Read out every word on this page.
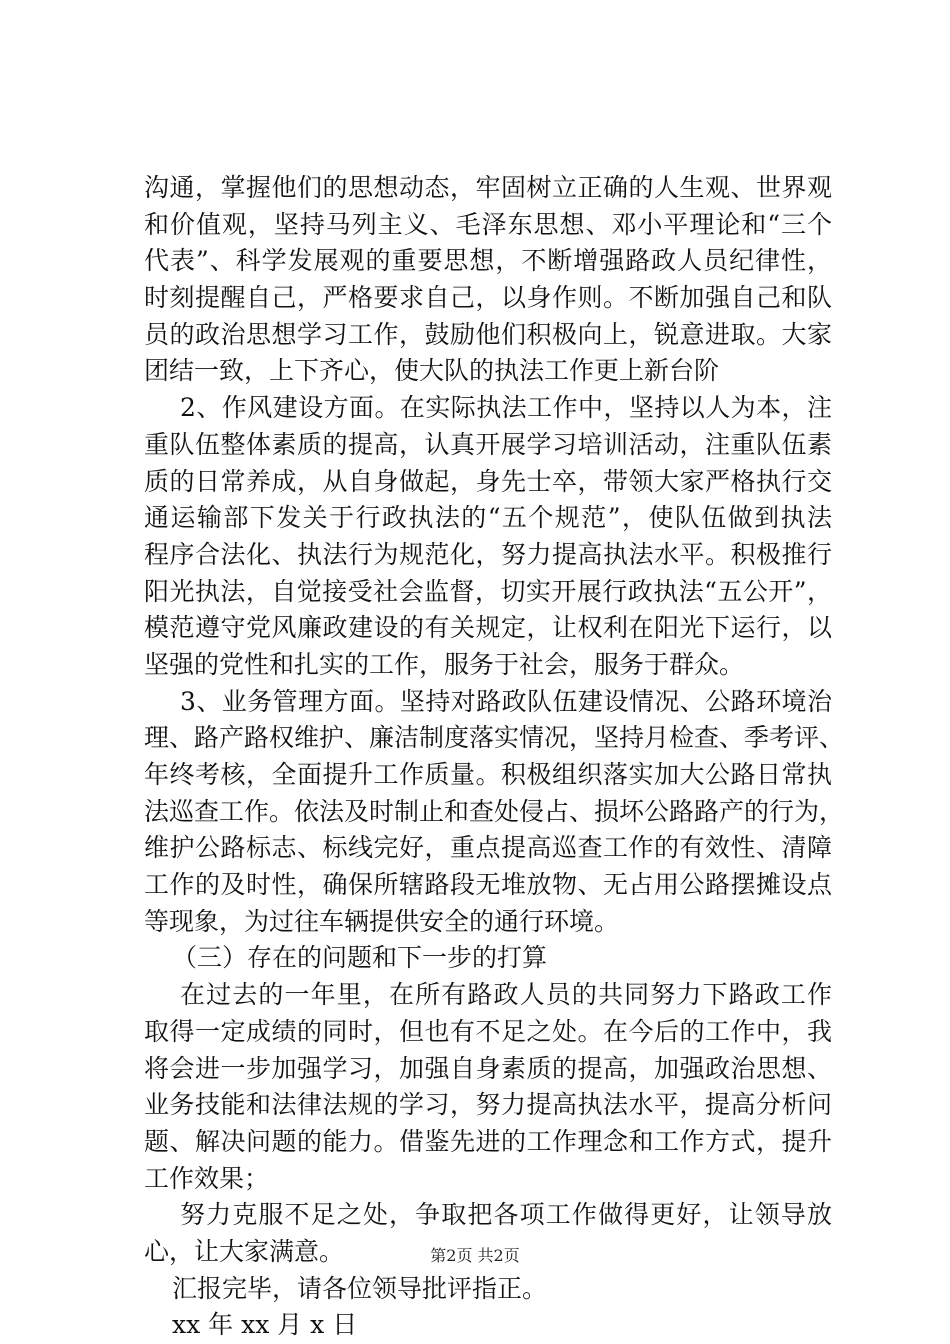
沟通，掌握他们的思想动态，牢固树立正确的人生观、世界观
和价值观，坚持马列主义、毛泽东思想、邓小平理论和“三个
代表”、科学发展观的重要思想，不断增强路政人员纪律性，
时刻提醒自己，严格要求自己，以身作则。不断加强自己和队
员的政治思想学习工作，鼓励他们积极向上，锐意进取。大家
团结一致，上下齐心，使大队的执法工作更上新台阶
2、作风建设方面。在实际执法工作中，坚持以人为本，注
重队伍整体素质的提高，认真开展学习培训活动，注重队伍素
质的日常养成，从自身做起，身先士卒，带领大家严格执行交
通运输部下发关于行政执法的“五个规范”，使队伍做到执法
程序合法化、执法行为规范化，努力提高执法水平。积极推行
阳光执法，自觉接受社会监督，切实开展行政执法“五公开”，
模范遵守党风廉政建设的有关规定，让权利在阳光下运行，以
坚强的党性和扎实的工作，服务于社会，服务于群众。
3、业务管理方面。坚持对路政队伍建设情况、公路环境治
理、路产路权维护、廉洁制度落实情况，坚持月检查、季考评、
年终考核，全面提升工作质量。积极组织落实加大公路日常执
法巡查工作。依法及时制止和查处侵占、损坏公路路产的行为，
维护公路标志、标线完好，重点提高巡查工作的有效性、清障
工作的及时性，确保所辖路段无堆放物、无占用公路摆摊设点
等现象，为过往车辆提供安全的通行环境。
（三）存在的问题和下一步的打算
在过去的一年里，在所有路政人员的共同努力下路政工作
取得一定成绩的同时，但也有不足之处。在今后的工作中，我
将会进一步加强学习，加强自身素质的提高，加强政治思想、
业务技能和法律法规的学习，努力提高执法水平，提高分析问
题、解决问题的能力。借鉴先进的工作理念和工作方式，提升
工作效果；
努力克服不足之处，争取把各项工作做得更好，让领导放
心，让大家满意。
汇报完毕，请各位领导批评指正。
xx 年 xx 月 x 日
第2页 共2页
